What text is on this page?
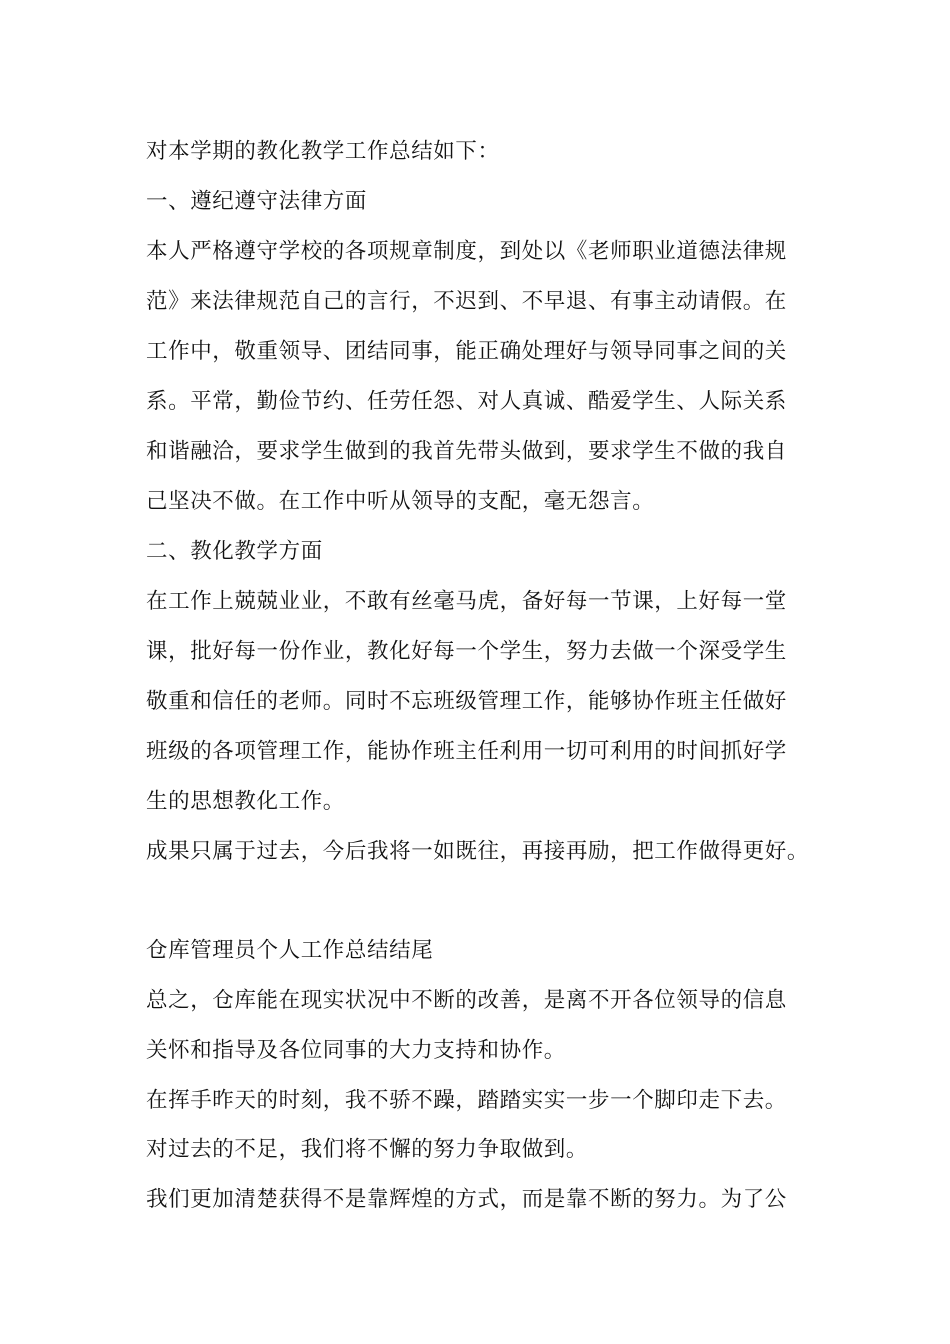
对本学期的教化教学工作总结如下：
一、遵纪遵守法律方面
本人严格遵守学校的各项规章制度，到处以《老师职业道德法律规
范》来法律规范自己的言行，不迟到、不早退、有事主动请假。在
工作中，敬重领导、团结同事，能正确处理好与领导同事之间的关
系。平常，勤俭节约、任劳任怨、对人真诚、酷爱学生、人际关系
和谐融洽，要求学生做到的我首先带头做到，要求学生不做的我自
己坚决不做。在工作中听从领导的支配，毫无怨言。
二、教化教学方面
在工作上兢兢业业，不敢有丝毫马虎，备好每一节课，上好每一堂
课，批好每一份作业，教化好每一个学生，努力去做一个深受学生
敬重和信任的老师。同时不忘班级管理工作，能够协作班主任做好
班级的各项管理工作，能协作班主任利用一切可利用的时间抓好学
生的思想教化工作。
成果只属于过去，今后我将一如既往，再接再励，把工作做得更好。
仓库管理员个人工作总结结尾
总之，仓库能在现实状况中不断的改善，是离不开各位领导的信息
关怀和指导及各位同事的大力支持和协作。
在挥手昨天的时刻，我不骄不躁，踏踏实实一步一个脚印走下去。
对过去的不足，我们将不懈的努力争取做到。
我们更加清楚获得不是靠辉煌的方式，而是靠不断的努力。为了公
